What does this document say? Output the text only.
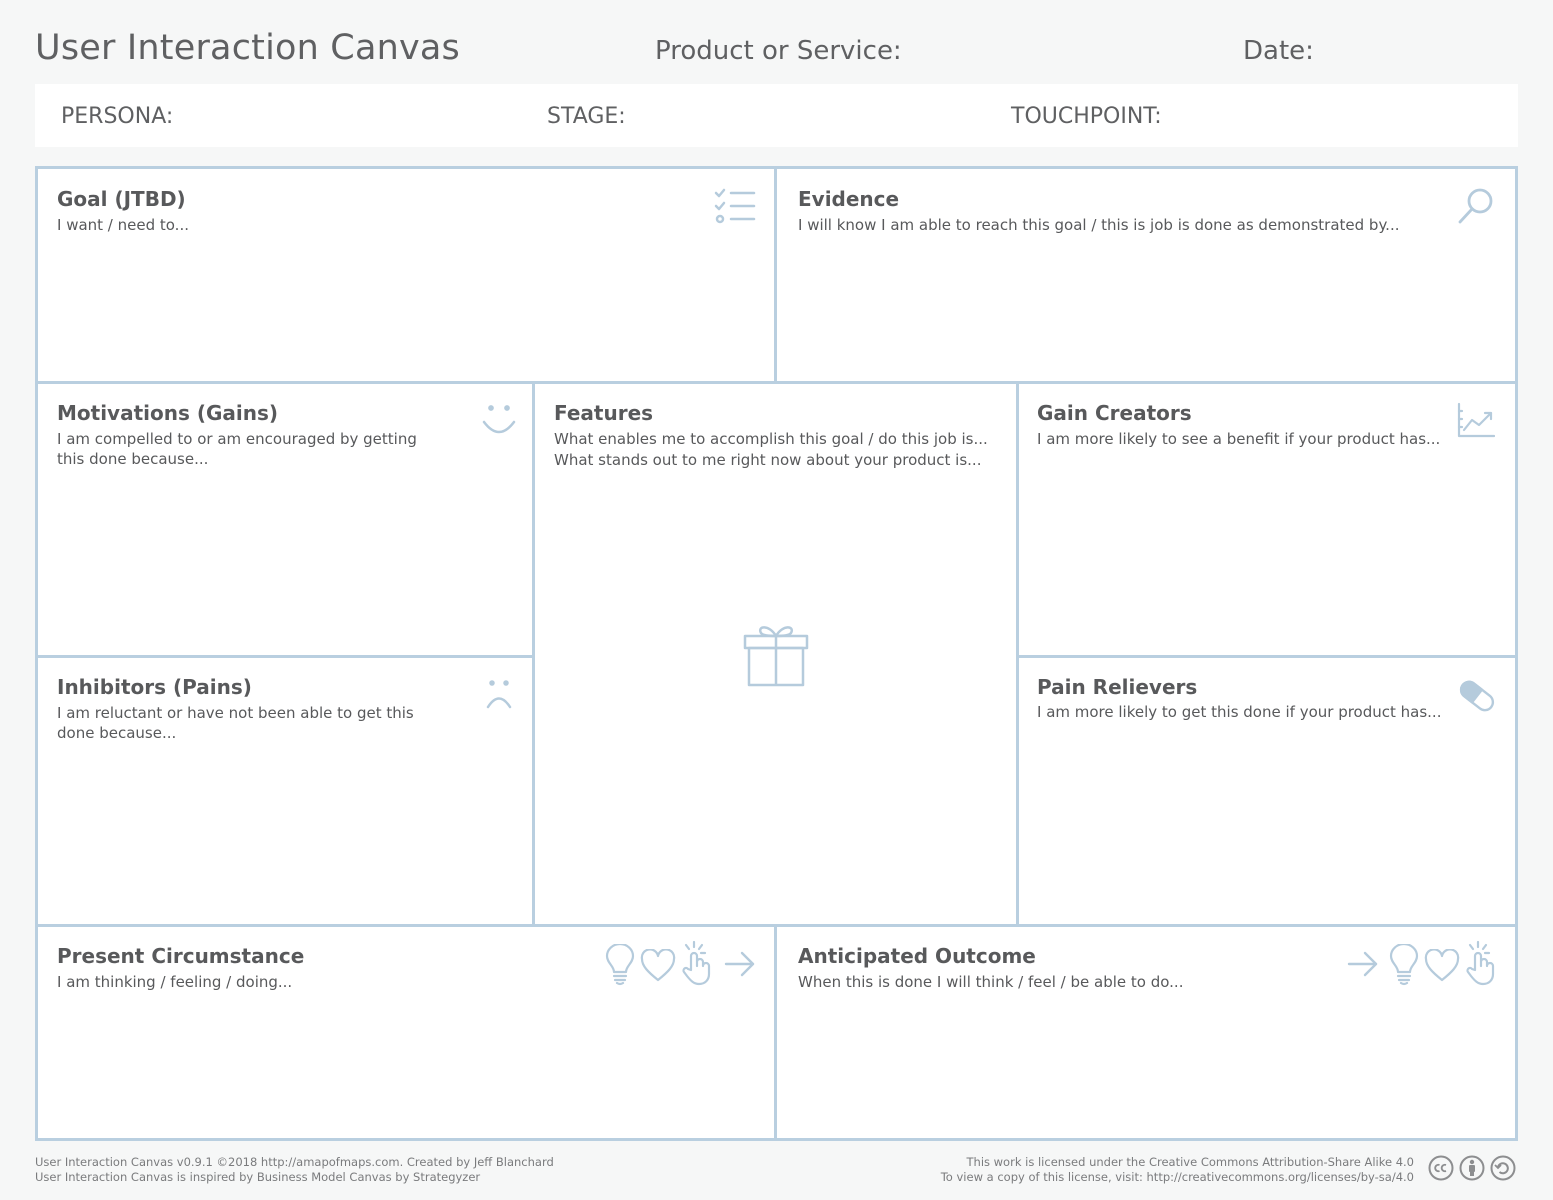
User Interaction Canvas	Product or Service:	Date:
PERSONA:	STAGE:	TOUCHPOINT:
Goal (JTBD)
I want / need to...
Evidence
I will know I am able to reach this goal / this is job is done as demonstrated by...
Motivations (Gains)
I am compelled to or am encouraged by getting this done because...
Features
What enables me to accomplish this goal / do this job is...
What stands out to me right now about your product is...
Gain Creators
I am more likely to see a benefit if your product has...
Inhibitors (Pains)
I am reluctant or have not been able to get this done because...
Pain Relievers
I am more likely to get this done if your product has...
Present Circumstance
I am thinking / feeling / doing...
Anticipated Outcome
When this is done I will think / feel / be able to do...
User Interaction Canvas v0.9.1 ©2018 http://amapofmaps.com. Created by Jeff Blanchard
User Interaction Canvas is inspired by Business Model Canvas by Strategyzer
This work is licensed under the Creative Commons Attribution-Share Alike 4.0
To view a copy of this license, visit: http://creativecommons.org/licenses/by-sa/4.0
